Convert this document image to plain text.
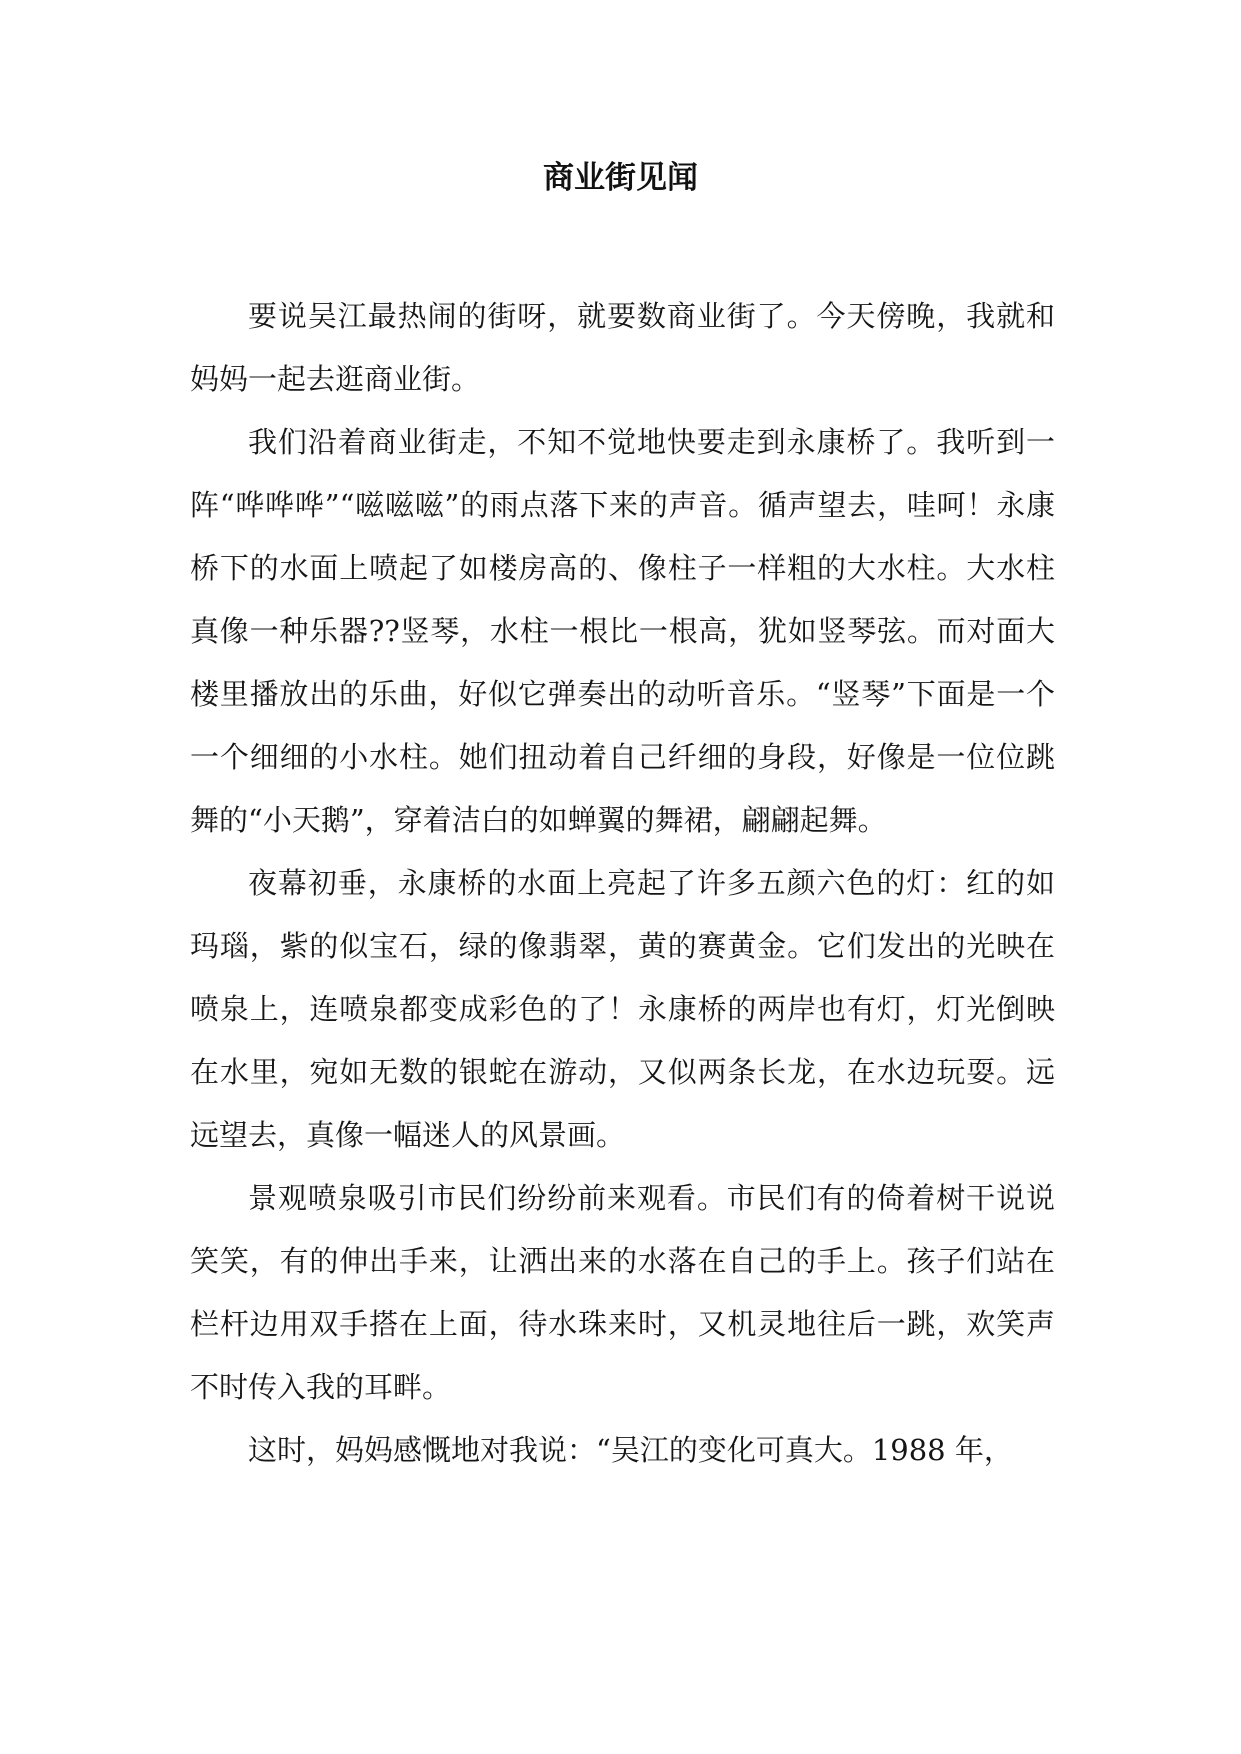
商业街见闻

要说吴江最热闹的街呀，就要数商业街了。今天傍晚，我就和妈妈一起去逛商业街。

我们沿着商业街走，不知不觉地快要走到永康桥了。我听到一阵“哗哗哗”“嗞嗞嗞”的雨点落下来的声音。循声望去，哇呵！永康桥下的水面上喷起了如楼房高的、像柱子一样粗的大水柱。大水柱真像一种乐器??竖琴，水柱一根比一根高，犹如竖琴弦。而对面大楼里播放出的乐曲，好似它弹奏出的动听音乐。“竖琴”下面是一个一个细细的小水柱。她们扭动着自己纤细的身段，好像是一位位跳舞的“小天鹅”，穿着洁白的如蝉翼的舞裙，翩翩起舞。

夜幕初垂，永康桥的水面上亮起了许多五颜六色的灯：红的如玛瑙，紫的似宝石，绿的像翡翠，黄的赛黄金。它们发出的光映在喷泉上，连喷泉都变成彩色的了！永康桥的两岸也有灯，灯光倒映在水里，宛如无数的银蛇在游动，又似两条长龙，在水边玩耍。远远望去，真像一幅迷人的风景画。

景观喷泉吸引市民们纷纷前来观看。市民们有的倚着树干说说笑笑，有的伸出手来，让洒出来的水落在自己的手上。孩子们站在栏杆边用双手搭在上面，待水珠来时，又机灵地往后一跳，欢笑声不时传入我的耳畔。

这时，妈妈感慨地对我说：“吴江的变化可真大。1988 年，
